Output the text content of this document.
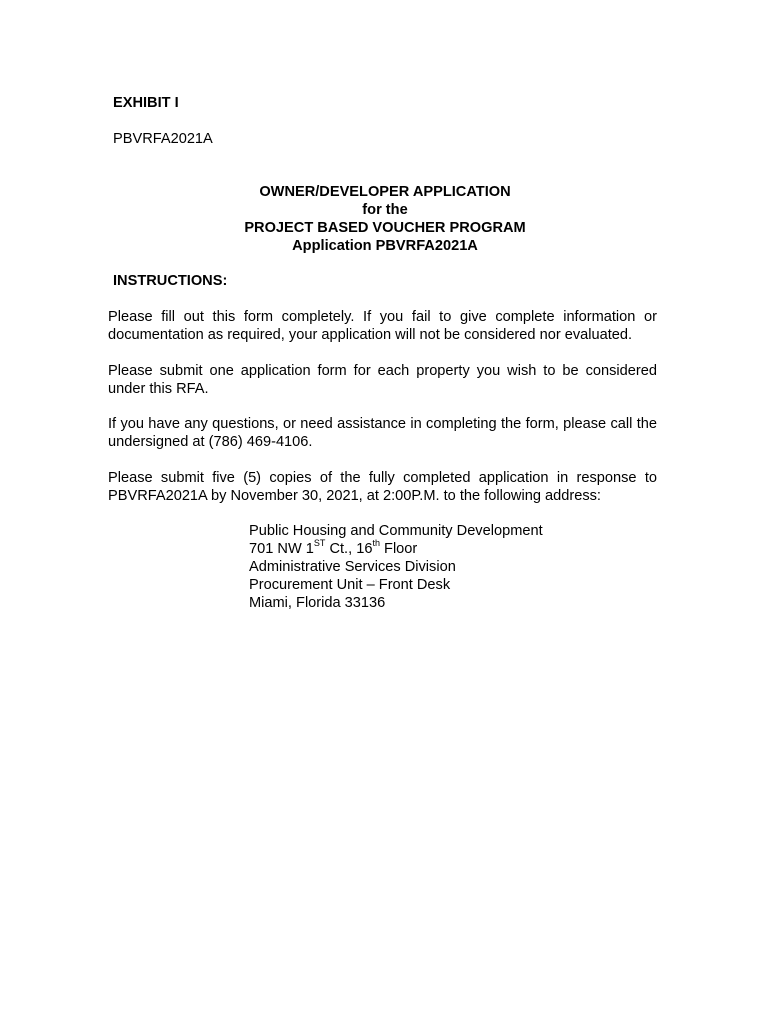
EXHIBIT I
PBVRFA2021A
OWNER/DEVELOPER APPLICATION
for the
PROJECT BASED VOUCHER PROGRAM
Application PBVRFA2021A
INSTRUCTIONS:
Please fill out this form completely. If you fail to give complete information or documentation as required, your application will not be considered nor evaluated.
Please submit one application form for each property you wish to be considered under this RFA.
If you have any questions, or need assistance in completing the form, please call the undersigned at (786) 469-4106.
Please submit five (5) copies of the fully completed application in response to PBVRFA2021A by November 30, 2021, at 2:00P.M. to the following address:
Public Housing and Community Development
701 NW 1ST Ct., 16th Floor
Administrative Services Division
Procurement Unit – Front Desk
Miami, Florida 33136
